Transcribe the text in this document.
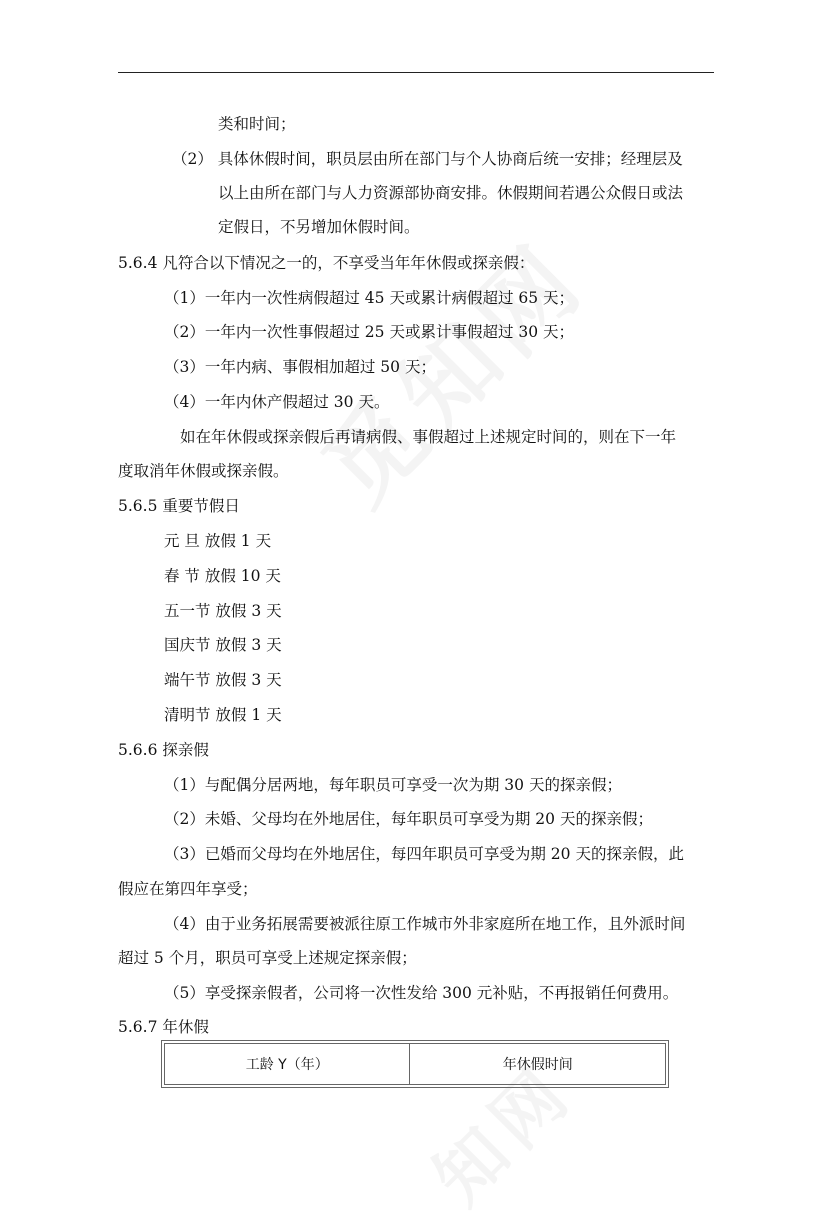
类和时间；
（2） 具体休假时间，职员层由所在部门与个人协商后统一安排；经理层及
以上由所在部门与人力资源部协商安排。休假期间若遇公众假日或法
定假日，不另增加休假时间。
5.6.4 凡符合以下情况之一的，不享受当年年休假或探亲假：
（1）一年内一次性病假超过 45 天或累计病假超过 65 天；
（2）一年内一次性事假超过 25 天或累计事假超过 30 天；
（3）一年内病、事假相加超过 50 天；
（4）一年内休产假超过 30 天。
如在年休假或探亲假后再请病假、事假超过上述规定时间的，则在下一年
度取消年休假或探亲假。
5.6.5 重要节假日
元 旦 放假 1 天
春 节 放假 10 天
五一节 放假 3 天
国庆节 放假 3 天
端午节 放假 3 天
清明节 放假 1 天
5.6.6 探亲假
（1）与配偶分居两地，每年职员可享受一次为期 30 天的探亲假；
（2）未婚、父母均在外地居住，每年职员可享受为期 20 天的探亲假；
（3）已婚而父母均在外地居住，每四年职员可享受为期 20 天的探亲假，此
假应在第四年享受；
（4）由于业务拓展需要被派往原工作城市外非家庭所在地工作，且外派时间
超过 5 个月，职员可享受上述规定探亲假；
（5）享受探亲假者，公司将一次性发给 300 元补贴，不再报销任何费用。
5.6.7 年休假
工龄 Y（年）	年休假时间
